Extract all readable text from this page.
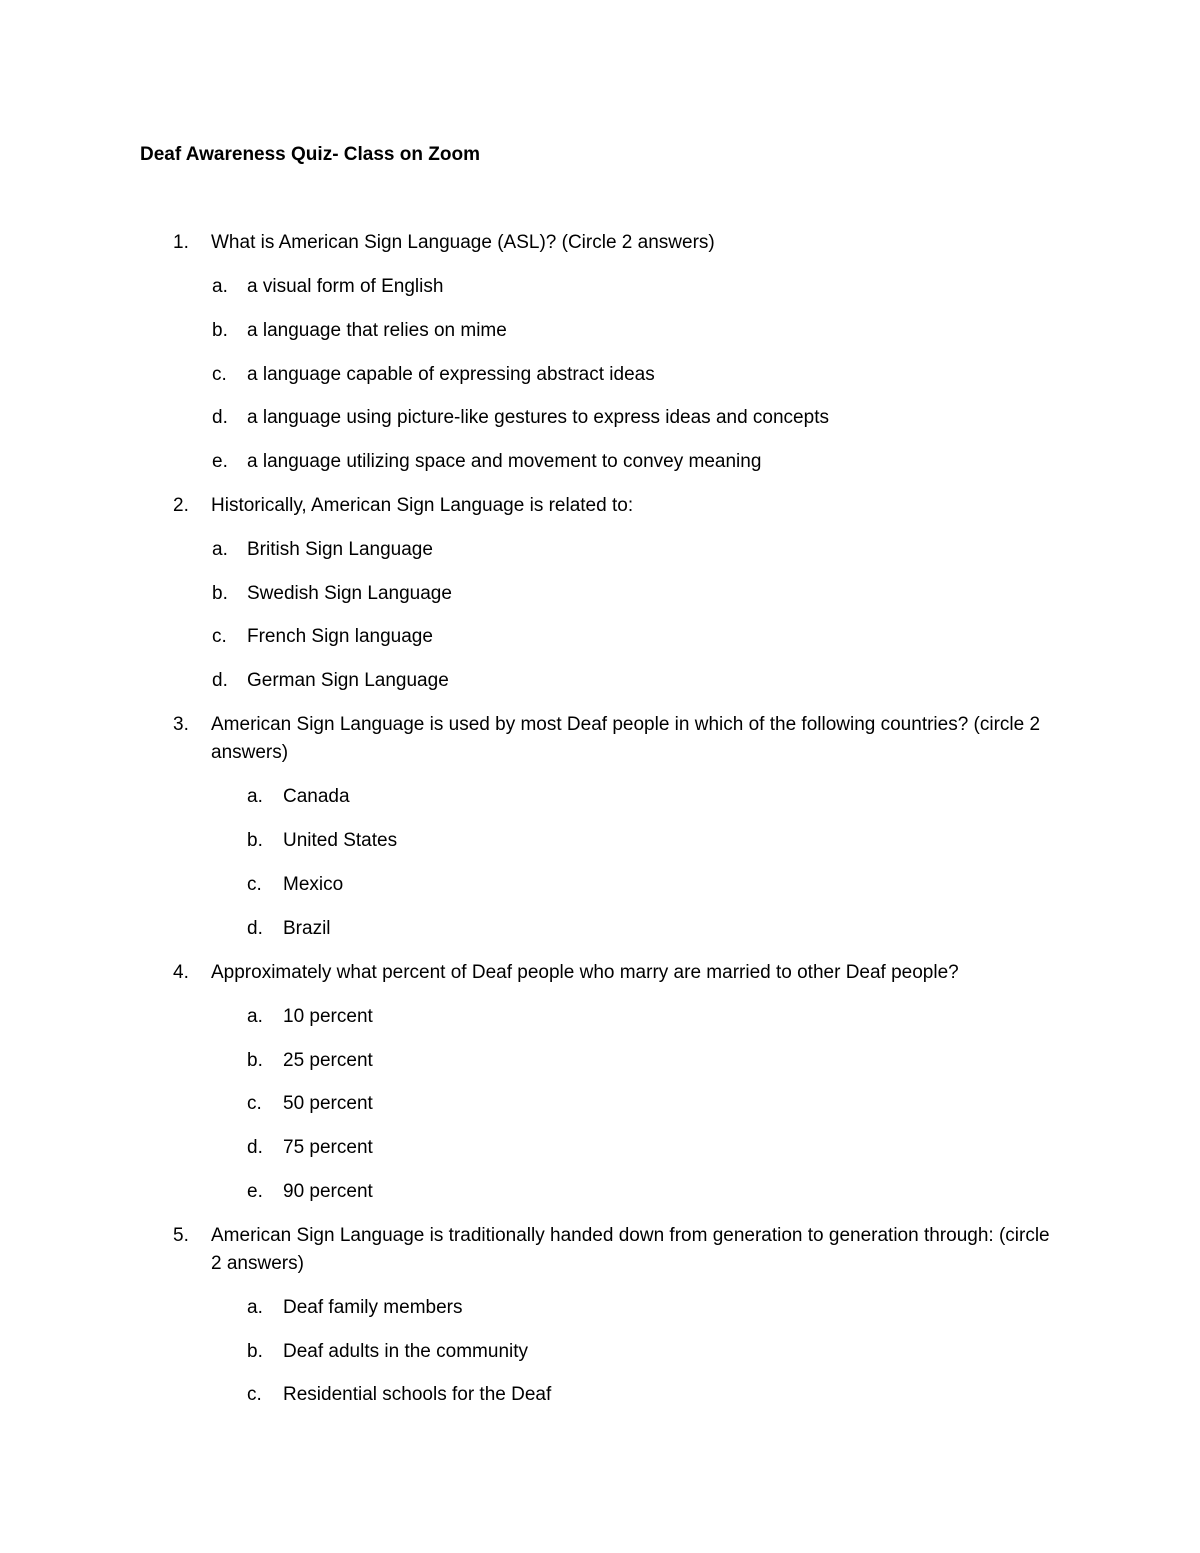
Deaf Awareness Quiz- Class on Zoom
1.	What is American Sign Language (ASL)? (Circle 2 answers)
a.	a visual form of English
b.	a language that relies on mime
c.	a language capable of expressing abstract ideas
d.	a language using picture-like gestures to express ideas and concepts
e.	a language utilizing space and movement to convey meaning
2.	Historically, American Sign Language is related to:
a.	British Sign Language
b.	Swedish Sign Language
c.	French Sign language
d.	German Sign Language
3.	American Sign Language is used by most Deaf people in which of the following countries? (circle 2 answers)
a.	Canada
b.	United States
c.	Mexico
d.	Brazil
4.	Approximately what percent of Deaf people who marry are married to other Deaf people?
a.	10 percent
b.	25 percent
c.	50 percent
d.	75 percent
e.	90 percent
5.	American Sign Language is traditionally handed down from generation to generation through: (circle 2 answers)
a.	Deaf family members
b.	Deaf adults in the community
c.	Residential schools for the Deaf
